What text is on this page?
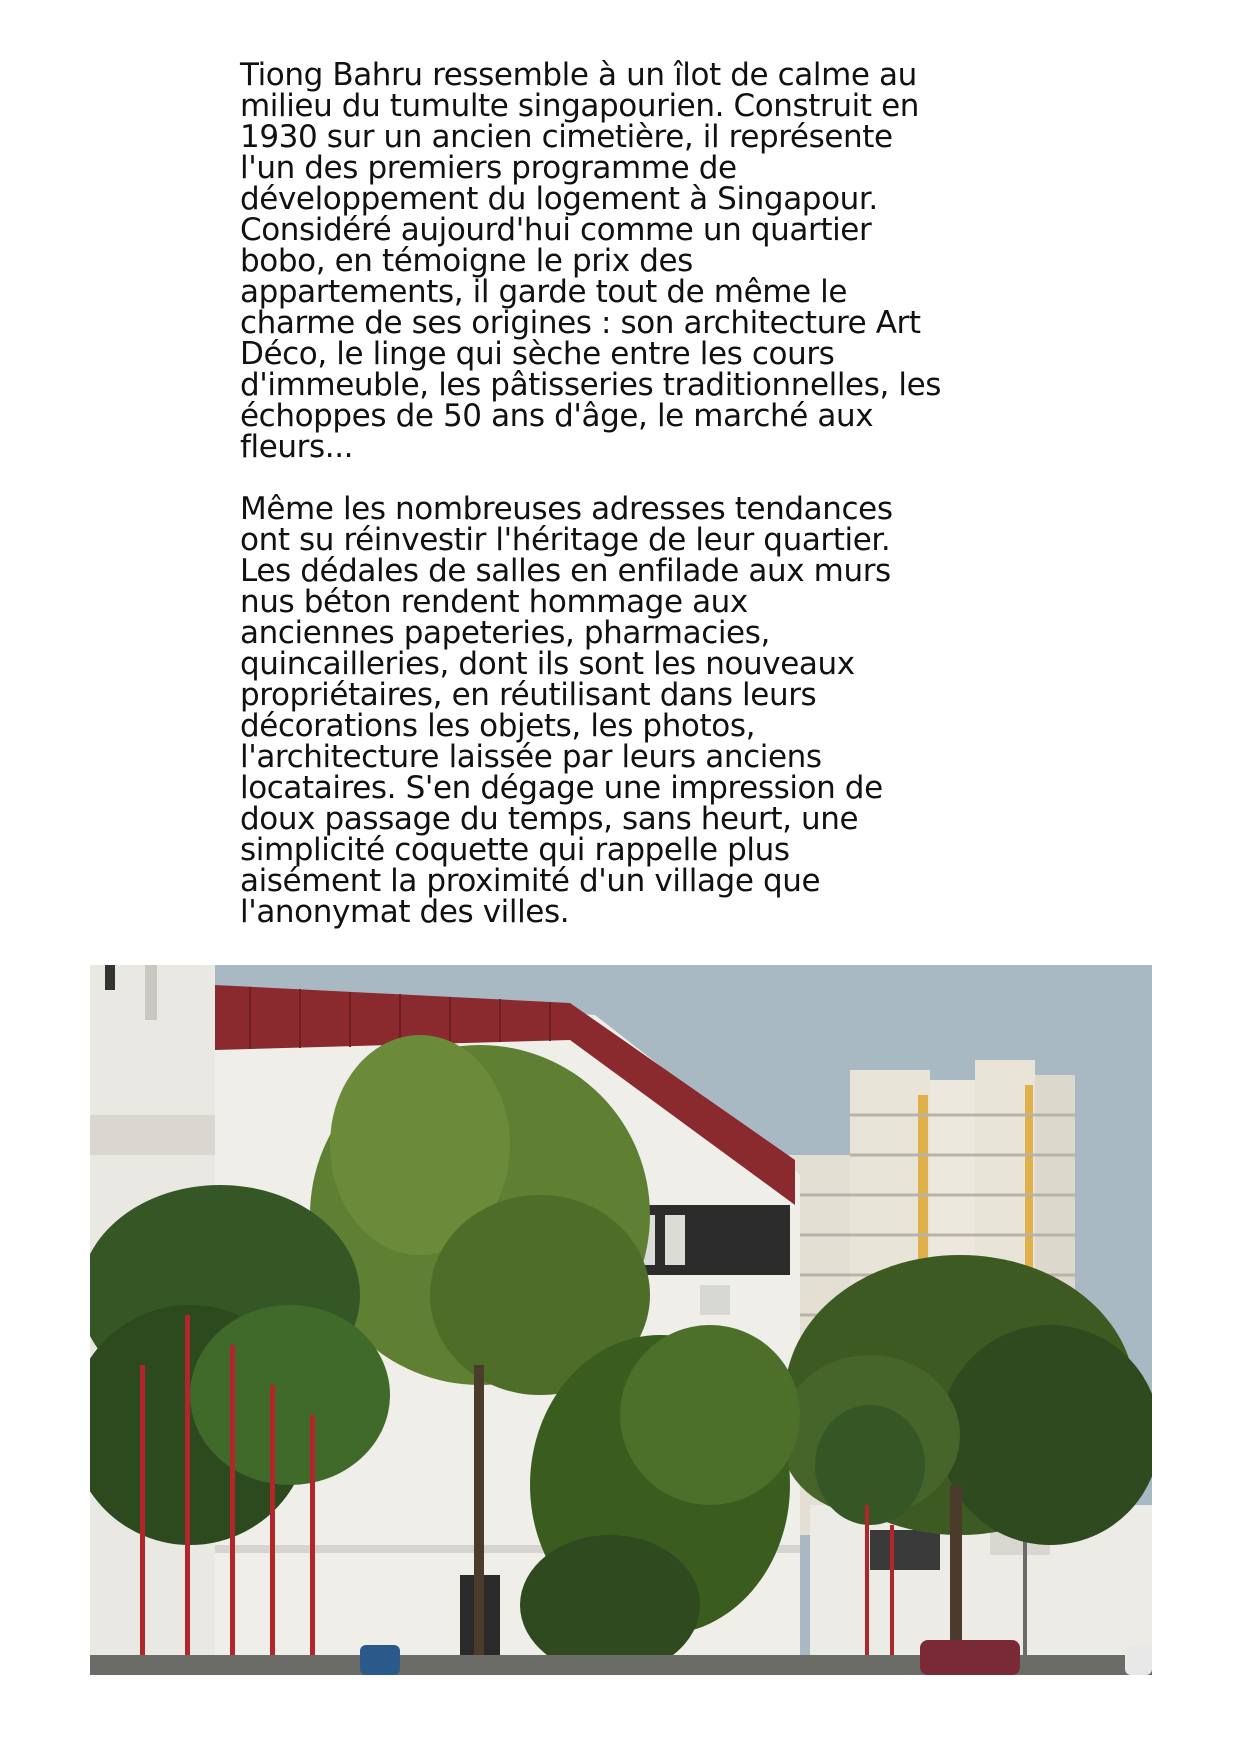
Tiong Bahru ressemble à un îlot de calme au
milieu du tumulte singapourien. Construit en
1930 sur un ancien cimetière, il représente
l'un des premiers programme de
développement du logement à Singapour.
Considéré aujourd'hui comme un quartier
bobo, en témoigne le prix des
appartements, il garde tout de même le
charme de ses origines : son architecture Art
Déco, le linge qui sèche entre les cours
d'immeuble, les pâtisseries traditionnelles, les
échoppes de 50 ans d'âge, le marché aux
fleurs...

Même les nombreuses adresses tendances
ont su réinvestir l'héritage de leur quartier.
Les dédales de salles en enfilade aux murs
nus béton rendent hommage aux
anciennes papeteries, pharmacies,
quincailleries, dont ils sont les nouveaux
propriétaires, en réutilisant dans leurs
décorations les objets, les photos,
l'architecture laissée par leurs anciens
locataires. S'en dégage une impression de
doux passage du temps, sans heurt, une
simplicité coquette qui rappelle plus
aisément la proximité d'un village que
l'anonymat des villes.
